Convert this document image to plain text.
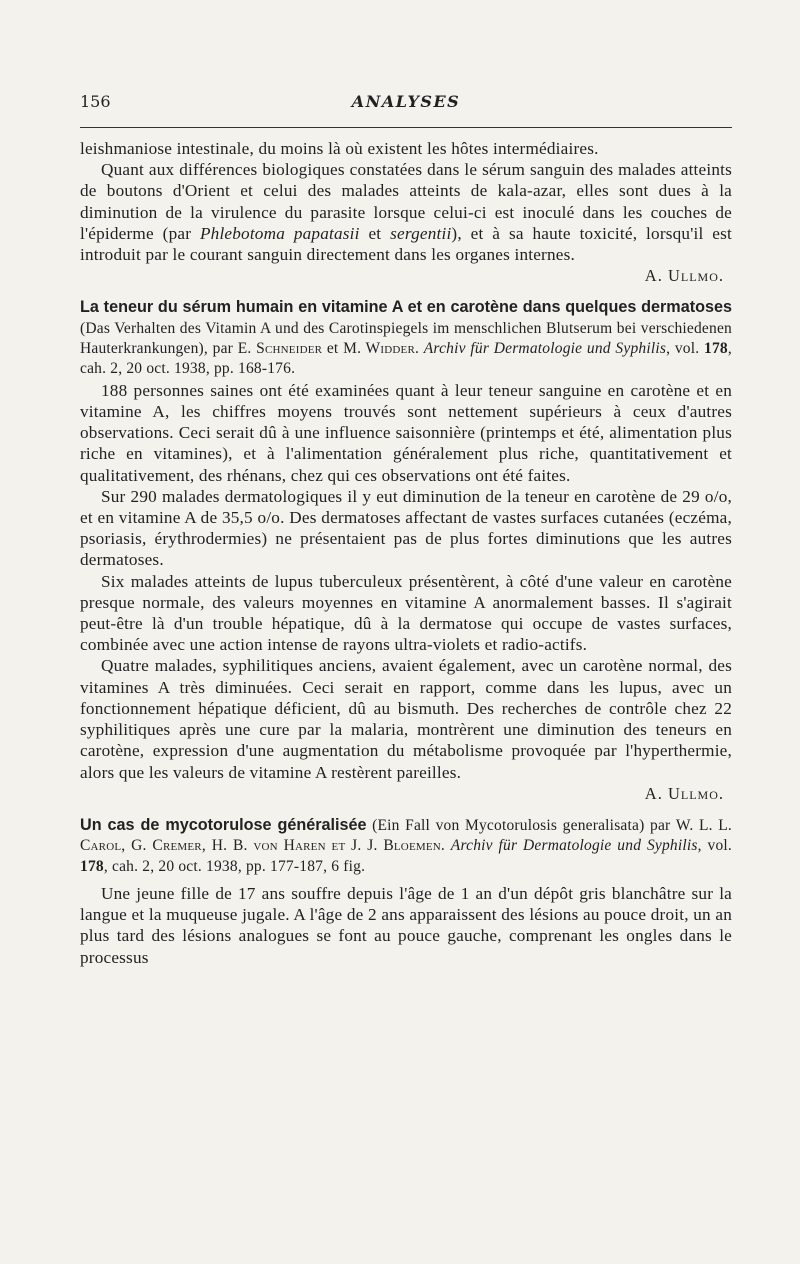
156	ANALYSES

leishmaniose intestinale, du moins là où existent les hôtes intermédiaires.

Quant aux différences biologiques constatées dans le sérum sanguin des malades atteints de boutons d'Orient et celui des malades atteints de kala-azar, elles sont dues à la diminution de la virulence du parasite lorsque celui-ci est inoculé dans les couches de l'épiderme (par Phlebotoma papatasii et sergentii), et à sa haute toxicité, lorsqu'il est introduit par le courant sanguin directement dans les organes internes.

A. Ullmo.
La teneur du sérum humain en vitamine A et en carotène dans quelques dermatoses (Das Verhalten des Vitamin A und des Carotinspiegels im menschlichen Blutserum bei verschiedenen Hauterkrankungen), par E. Schneider et M. Widder. Archiv für Dermatologie und Syphilis, vol. 178, cah. 2, 20 oct. 1938, pp. 168-176.

188 personnes saines ont été examinées quant à leur teneur sanguine en carotène et en vitamine A, les chiffres moyens trouvés sont nettement supérieurs à ceux d'autres observations. Ceci serait dû à une influence saisonnière (printemps et été, alimentation plus riche en vitamines), et à l'alimentation généralement plus riche, quantitativement et qualitativement, des rhénans, chez qui ces observations ont été faites.

Sur 290 malades dermatologiques il y eut diminution de la teneur en carotène de 29 o/o, et en vitamine A de 35,5 o/o. Des dermatoses affectant de vastes surfaces cutanées (eczéma, psoriasis, érythrodermies) ne présentaient pas de plus fortes diminutions que les autres dermatoses.

Six malades atteints de lupus tuberculeux présentèrent, à côté d'une valeur en carotène presque normale, des valeurs moyennes en vitamine A anormalement basses. Il s'agirait peut-être là d'un trouble hépatique, dû à la dermatose qui occupe de vastes surfaces, combinée avec une action intense de rayons ultra-violets et radio-actifs.

Quatre malades, syphilitiques anciens, avaient également, avec un carotène normal, des vitamines A très diminuées. Ceci serait en rapport, comme dans les lupus, avec un fonctionnement hépatique déficient, dû au bismuth. Des recherches de contrôle chez 22 syphilitiques après une cure par la malaria, montrèrent une diminution des teneurs en carotène, expression d'une augmentation du métabolisme provoquée par l'hyperthermie, alors que les valeurs de vitamine A restèrent pareilles.

A. Ullmo.
Un cas de mycotorulose généralisée (Ein Fall von Mycotorulosis generalisata) par W. L. L. Carol, G. Cremer, H. B. von Haren et J. J. Bloemen. Archiv für Dermatologie und Syphilis, vol. 178, cah. 2, 20 oct. 1938, pp. 177-187, 6 fig.

Une jeune fille de 17 ans souffre depuis l'âge de 1 an d'un dépôt gris blanchâtre sur la langue et la muqueuse jugale. A l'âge de 2 ans apparaissent des lésions au pouce droit, un an plus tard des lésions analogues se font au pouce gauche, comprenant les ongles dans le processus
